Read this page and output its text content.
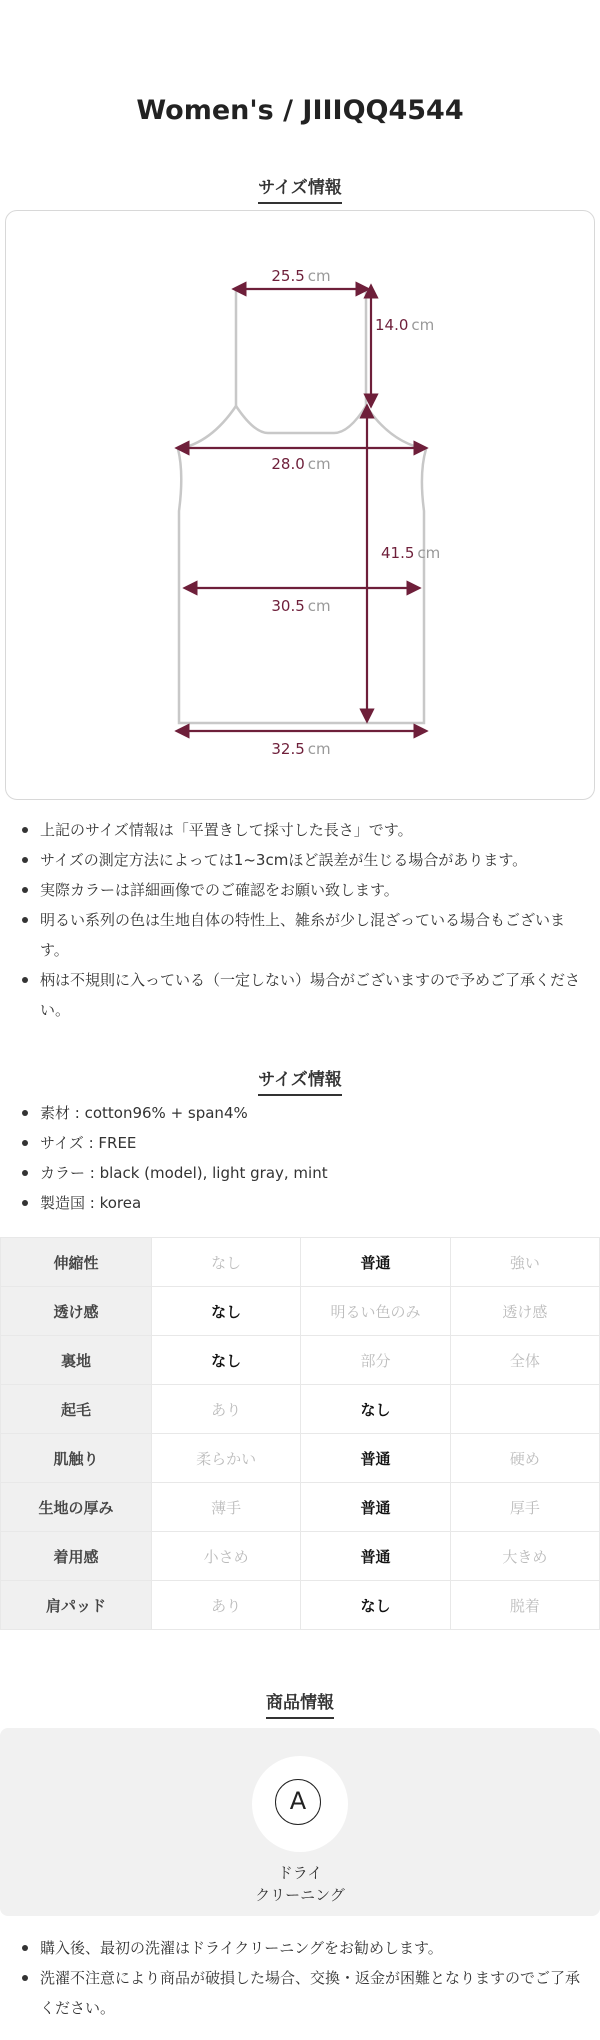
Women's / JIIIQQ4544
サイズ情報
25.5 cm
14.0 cm
28.0 cm
41.5 cm
30.5 cm
32.5 cm
上記のサイズ情報は「平置きして採寸した長さ」です。
サイズの測定方法によっては1~3cmほど誤差が生じる場合があります。
実際カラーは詳細画像でのご確認をお願い致します。
明るい系列の色は生地自体の特性上、雑糸が少し混ざっている場合もございます。
柄は不規則に入っている（一定しない）場合がございますので予めご了承ください。
サイズ情報
素材 : cotton96% + span4%
サイズ : FREE
カラー : black (model), light gray, mint
製造国 : korea
伸縮性	なし	普通	強い
透け感	なし	明るい色のみ	透け感
裏地	なし	部分	全体
起毛	あり	なし	
肌触り	柔らかい	普通	硬め
生地の厚み	薄手	普通	厚手
着用感	小さめ	普通	大きめ
肩パッド	あり	なし	脱着
商品情報
A
ドライ
クリーニング
購入後、最初の洗濯はドライクリーニングをお勧めします。
洗濯不注意により商品が破損した場合、交換・返金が困難となりますのでご了承ください。
